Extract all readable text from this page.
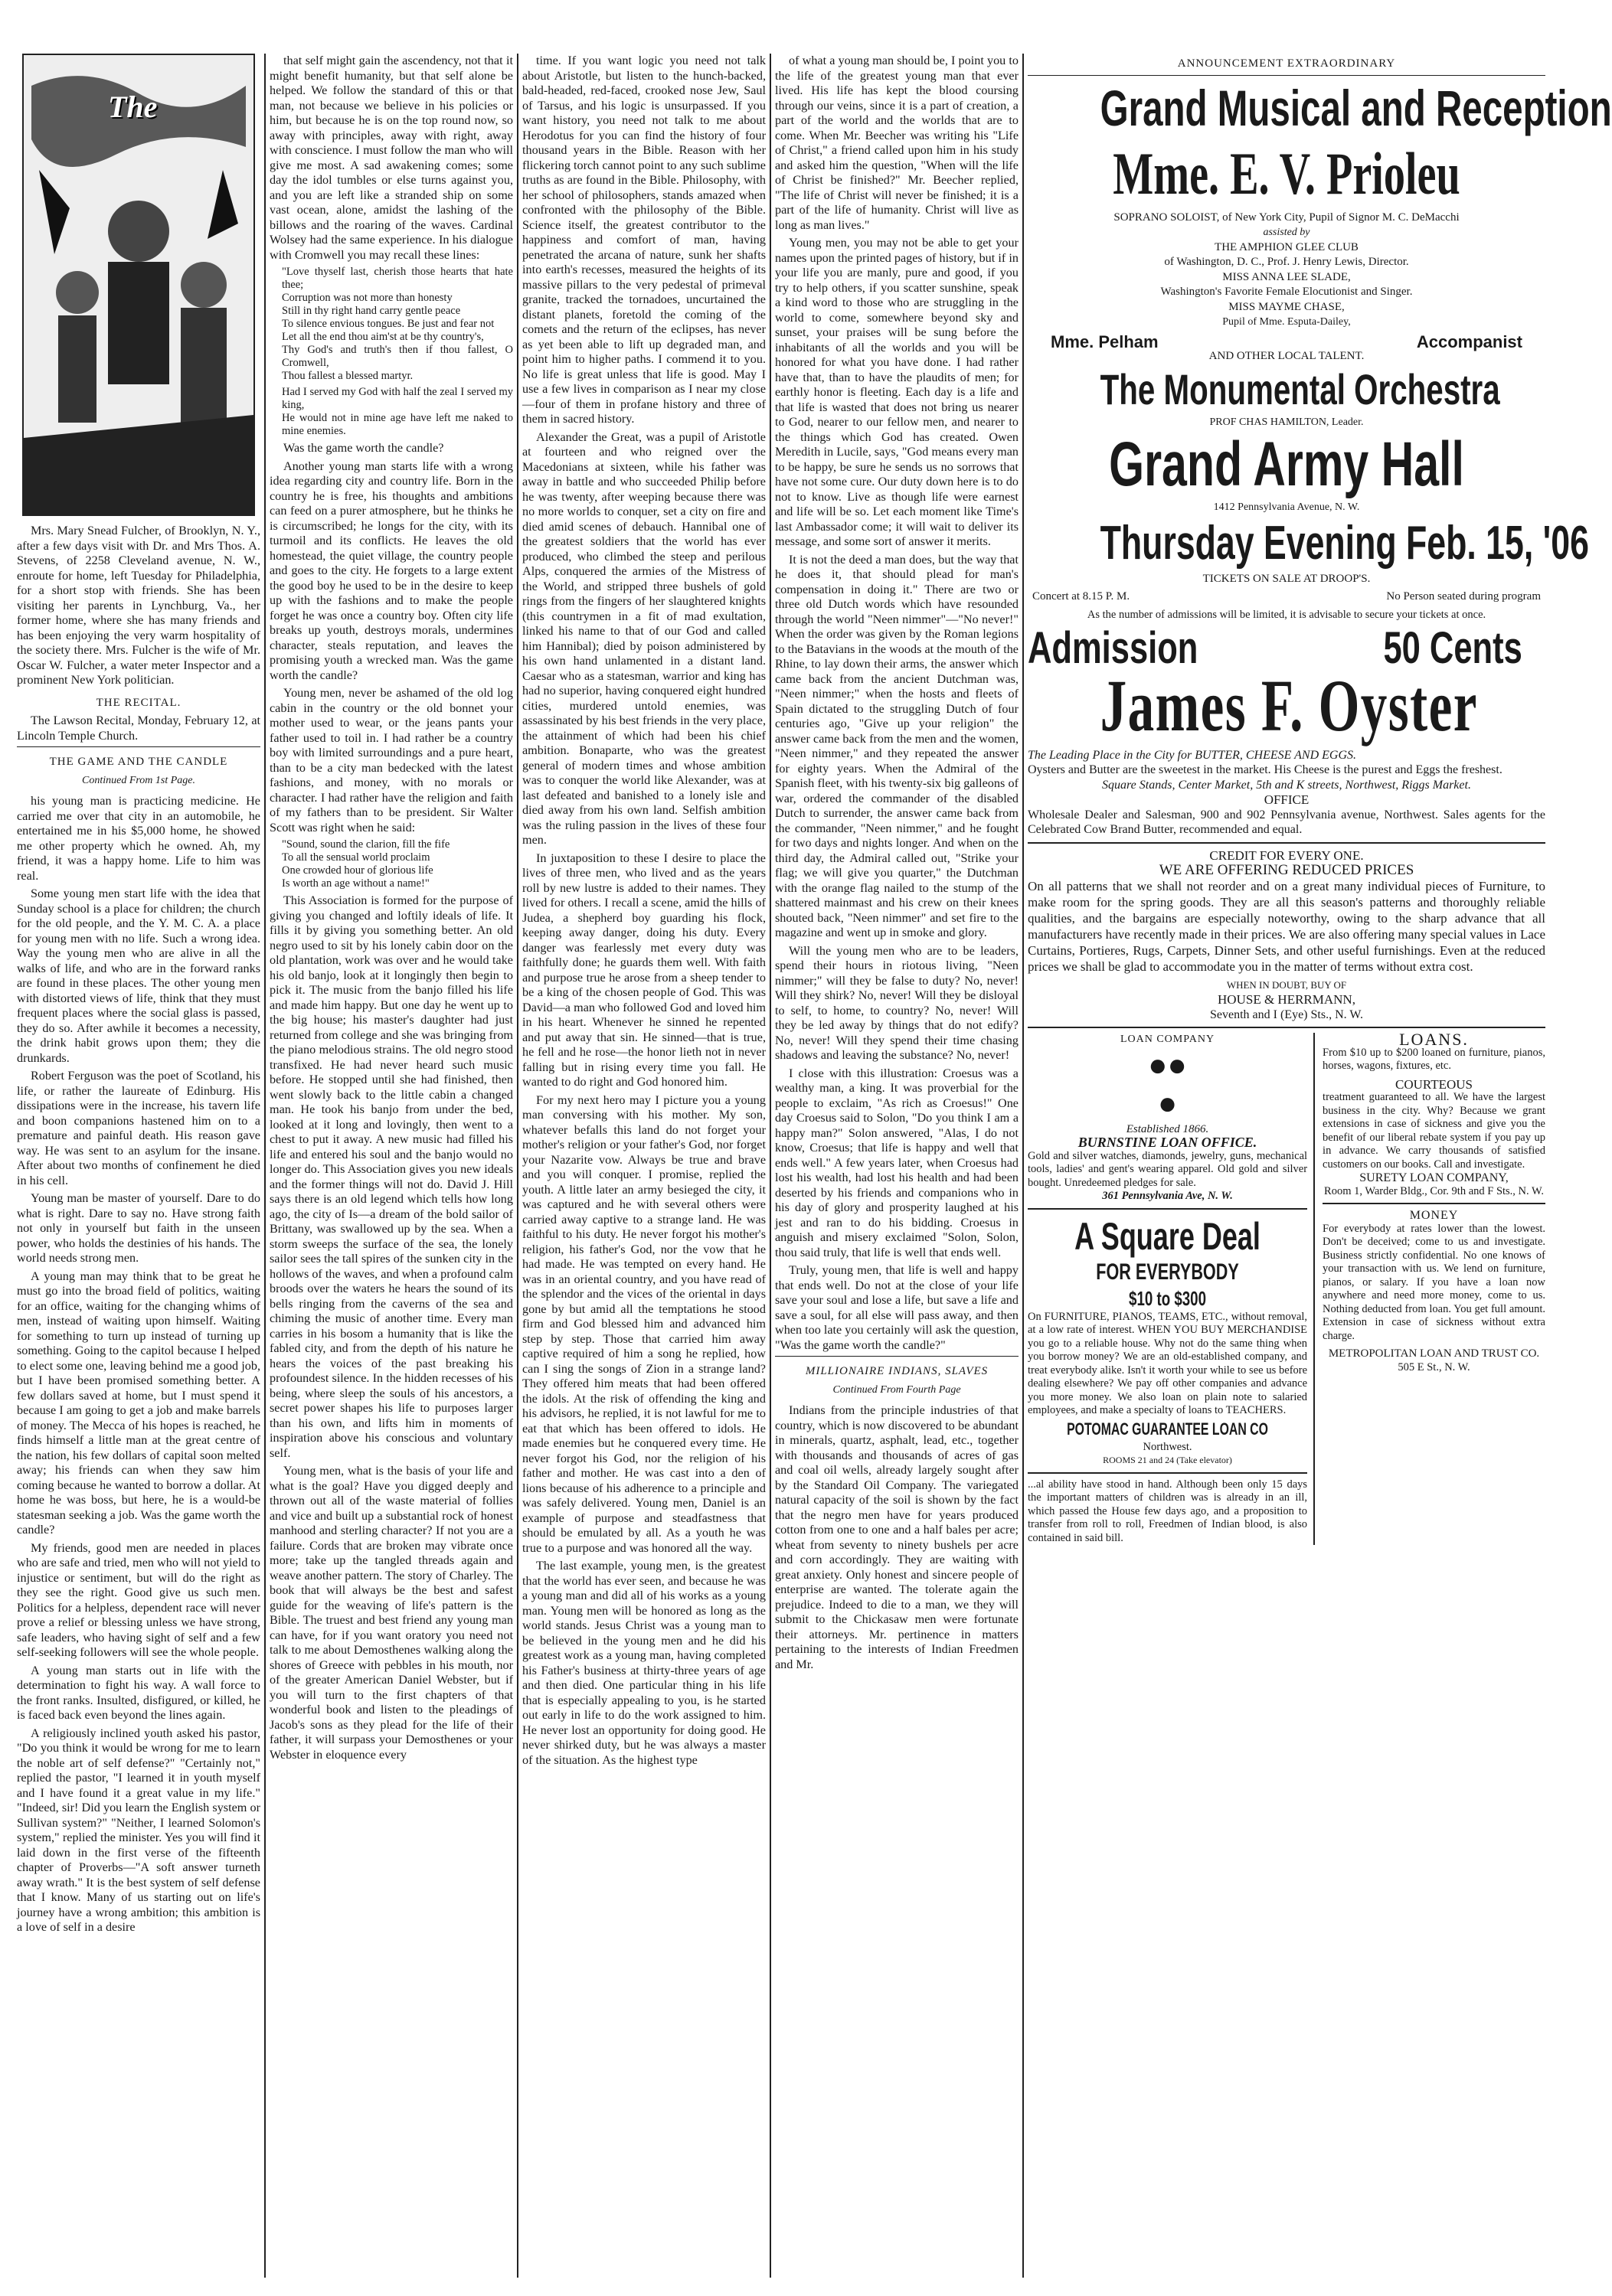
The

Mrs. Mary Snead Fulcher, of Brooklyn, N. Y., after a few days visit with Dr. and Mrs Thos. A. Stevens, of 2258 Cleveland avenue, N. W., enroute for home, left Tuesday for Philadelphia, for a short stop with friends. She has been visiting her parents in Lynchburg, Va., her former home, where she has many friends and has been enjoying the very warm hospitality of the society there. Mrs. Fulcher is the wife of Mr. Oscar W. Fulcher, a water meter Inspector and a prominent New York politician.

THE RECITAL.

The Lawson Recital, Monday, February 12, at Lincoln Temple Church.

THE GAME AND THE CANDLE

Continued From 1st Page.

his young man is practicing medicine. He carried me over that city in an automobile, he entertained me in his $5,000 home, he showed me other property which he owned. Ah, my friend, it was a happy home. Life to him was real.

Some young men start life with the idea that Sunday school is a place for children; the church for the old people, and the Y. M. C. A. a place for young men with no life. Such a wrong idea. Way the young men who are alive in all the walks of life, and who are in the forward ranks are found in these places. The other young men with distorted views of life, think that they must frequent places where the social glass is passed, they do so. After awhile it becomes a necessity, the drink habit grows upon them; they die drunkards.

Robert Ferguson was the poet of Scotland, his life, or rather the laureate of Edinburg. His dissipations were in the increase, his tavern life and boon companions hastened him on to a premature and painful death. His reason gave way. He was sent to an asylum for the insane. After about two months of confinement he died in his cell.

Young man be master of yourself. Dare to do what is right. Dare to say no. Have strong faith not only in yourself but faith in the unseen power, who holds the destinies of his hands. The world needs strong men.

A young man may think that to be great he must go into the broad field of politics, waiting for an office, waiting for the changing whims of men, instead of waiting upon himself. Waiting for something to turn up instead of turning up something. Going to the capitol because I helped to elect some one, leaving behind me a good job, but I have been promised something better. A few dollars saved at home, but I must spend it because I am going to get a job and make barrels of money. The Mecca of his hopes is reached, he finds himself a little man at the great centre of the nation, his few dollars of capital soon melted away; his friends can when they saw him coming because he wanted to borrow a dollar. At home he was boss, but here, he is a would-be statesman seeking a job. Was the game worth the candle?

My friends, good men are needed in places who are safe and tried, men who will not yield to injustice or sentiment, but will do the right as they see the right. Good give us such men. Politics for a helpless, dependent race will never prove a relief or blessing unless we have strong, safe leaders, who having sight of self and a few self-seeking followers will see the whole people.

A young man starts out in life with the determination to fight his way. A wall force to the front ranks. Insulted, disfigured, or killed, he is faced back even beyond the lines again.

A religiously inclined youth asked his pastor, "Do you think it would be wrong for me to learn the noble art of self defense?" "Certainly not," replied the pastor, "I learned it in youth myself and I have found it a great value in my life." "Indeed, sir! Did you learn the English system or Sullivan system?" "Neither, I learned Solomon's system," replied the minister. Yes you will find it laid down in the first verse of the fifteenth chapter of Proverbs—"A soft answer turneth away wrath." It is the best system of self defense that I know. Many of us starting out on life's journey have a wrong ambition; this ambition is a love of self in a desire

that self might gain the ascendency, not that it might benefit humanity, but that self alone be helped. We follow the standard of this or that man, not because we believe in his policies or him, but because he is on the top round now, so away with principles, away with right, away with conscience. I must follow the man who will give me most. A sad awakening comes; some day the idol tumbles or else turns against you, and you are left like a stranded ship on some vast ocean, alone, amidst the lashing of the billows and the roaring of the waves. Cardinal Wolsey had the same experience. In his dialogue with Cromwell you may recall these lines:

"Love thyself last, cherish those hearts that hate thee;
Corruption was not more than honesty
Still in thy right hand carry gentle peace
To silence envious tongues. Be just and fear not
Let all the end thou aim'st at be thy country's,
Thy God's and truth's then if thou fallest, O Cromwell,
Thou fallest a blessed martyr.

Had I served my God with half the zeal I served my king,
He would not in mine age have left me naked to mine enemies.

Was the game worth the candle?

Another young man starts life with a wrong idea regarding city and country life. Born in the country he is free, his thoughts and ambitions can feed on a purer atmosphere, but he thinks he is circumscribed; he longs for the city, with its turmoil and its conflicts. He leaves the old homestead, the quiet village, the country people and goes to the city. He forgets to a large extent the good boy he used to be in the desire to keep up with the fashions and to make the people forget he was once a country boy. Often city life breaks up youth, destroys morals, undermines character, steals reputation, and leaves the promising youth a wrecked man. Was the game worth the candle?

Young men, never be ashamed of the old log cabin in the country or the old bonnet your mother used to wear, or the jeans pants your father used to toil in. I had rather be a country boy with limited surroundings and a pure heart, than to be a city man bedecked with the latest fashions, and money, with no morals or character. I had rather have the religion and faith of my fathers than to be president. Sir Walter Scott was right when he said:

"Sound, sound the clarion, fill the fife
To all the sensual world proclaim
One crowded hour of glorious life
Is worth an age without a name!"

This Association is formed for the purpose of giving you changed and loftily ideals of life. It fills it by giving you something better. An old negro used to sit by his lonely cabin door on the old plantation, work was over and he would take his old banjo, look at it longingly then begin to pick it. The music from the banjo filled his life and made him happy. But one day he went up to the big house; his master's daughter had just returned from college and she was bringing from the piano melodious strains. The old negro stood transfixed. He had never heard such music before. He stopped until she had finished, then went slowly back to the little cabin a changed man. He took his banjo from under the bed, looked at it long and lovingly, then went to a chest to put it away. A new music had filled his life and entered his soul and the banjo would no longer do. This Association gives you new ideals and the former things will not do. David J. Hill says there is an old legend which tells how long ago, the city of Is—a dream of the bold sailor of Brittany, was swallowed up by the sea. When a storm sweeps the surface of the sea, the lonely sailor sees the tall spires of the sunken city in the hollows of the waves, and when a profound calm broods over the waters he hears the sound of its bells ringing from the caverns of the sea and chiming the music of another time. Every man carries in his bosom a humanity that is like the fabled city, and from the depth of his nature he hears the voices of the past breaking his profoundest silence. In the hidden recesses of his being, where sleep the souls of his ancestors, a secret power shapes his life to purposes larger than his own, and lifts him in moments of inspiration above his conscious and voluntary self.

Young men, what is the basis of your life and what is the goal? Have you digged deeply and thrown out all of the waste material of follies and vice and built up a substantial rock of honest manhood and sterling character? If not you are a failure. Cords that are broken may vibrate once more; take up the tangled threads again and weave another pattern. The story of Charley. The book that will always be the best and safest guide for the weaving of life's pattern is the Bible. The truest and best friend any young man can have, for if you want oratory you need not talk to me about Demosthenes walking along the shores of Greece with pebbles in his mouth, nor of the greater American Daniel Webster, but if you will turn to the first chapters of that wonderful book and listen to the pleadings of Jacob's sons as they plead for the life of their father, it will surpass your Demosthenes or your Webster in eloquence every

time. If you want logic you need not talk about Aristotle, but listen to the hunch-backed, bald-headed, red-faced, crooked nose Jew, Saul of Tarsus, and his logic is unsurpassed. If you want history, you need not talk to me about Herodotus for you can find the history of four thousand years in the Bible. Reason with her flickering torch cannot point to any such sublime truths as are found in the Bible. Philosophy, with her school of philosophers, stands amazed when confronted with the philosophy of the Bible. Science itself, the greatest contributor to the happiness and comfort of man, having penetrated the arcana of nature, sunk her shafts into earth's recesses, measured the heights of its massive pillars to the very pedestal of primeval granite, tracked the tornadoes, uncurtained the distant planets, foretold the coming of the comets and the return of the eclipses, has never as yet been able to lift up degraded man, and point him to higher paths. I commend it to you. No life is great unless that life is good. May I use a few lives in comparison as I near my close—four of them in profane history and three of them in sacred history.

Alexander the Great, was a pupil of Aristotle at fourteen and who reigned over the Macedonians at sixteen, while his father was away in battle and who succeeded Philip before he was twenty, after weeping because there was no more worlds to conquer, set a city on fire and died amid scenes of debauch. Hannibal one of the greatest soldiers that the world has ever produced, who climbed the steep and perilous Alps, conquered the armies of the Mistress of the World, and stripped three bushels of gold rings from the fingers of her slaughtered knights (this countrymen in a fit of mad exultation, linked his name to that of our God and called him Hannibal); died by poison administered by his own hand unlamented in a distant land. Caesar who as a statesman, warrior and king has had no superior, having conquered eight hundred cities, murdered untold enemies, was assassinated by his best friends in the very place, the attainment of which had been his chief ambition. Bonaparte, who was the greatest general of modern times and whose ambition was to conquer the world like Alexander, was at last defeated and banished to a lonely isle and died away from his own land. Selfish ambition was the ruling passion in the lives of these four men.

In juxtaposition to these I desire to place the lives of three men, who lived and as the years roll by new lustre is added to their names. They lived for others. I recall a scene, amid the hills of Judea, a shepherd boy guarding his flock, keeping away danger, doing his duty. Every danger was fearlessly met every duty was faithfully done; he guards them well. With faith and purpose true he arose from a sheep tender to be a king of the chosen people of God. This was David—a man who followed God and loved him in his heart. Whenever he sinned he repented and put away that sin. He sinned—that is true, he fell and he rose—the honor lieth not in never falling but in rising every time you fall. He wanted to do right and God honored him.

For my next hero may I picture you a young man conversing with his mother. My son, whatever befalls this land do not forget your mother's religion or your father's God, nor forget your Nazarite vow. Always be true and brave and you will conquer. I promise, replied the youth. A little later an army besieged the city, it was captured and he with several others were carried away captive to a strange land. He was faithful to his duty. He never forgot his mother's religion, his father's God, nor the vow that he had made. He was tempted on every hand. He was in an oriental country, and you have read of the splendor and the vices of the oriental in days gone by but amid all the temptations he stood firm and God blessed him and advanced him step by step. Those that carried him away captive required of him a song he replied, how can I sing the songs of Zion in a strange land? They offered him meats that had been offered the idols. At the risk of offending the king and his advisors, he replied, it is not lawful for me to eat that which has been offered to idols. He made enemies but he conquered every time. He never forgot his God, nor the religion of his father and mother. He was cast into a den of lions because of his adherence to a principle and was safely delivered. Young men, Daniel is an example of purpose and steadfastness that should be emulated by all. As a youth he was true to a purpose and was honored all the way.

The last example, young men, is the greatest that the world has ever seen, and because he was a young man and did all of his works as a young man. Young men will be honored as long as the world stands. Jesus Christ was a young man to be believed in the young men and he did his greatest work as a young man, having completed his Father's business at thirty-three years of age and then died. One particular thing in his life that is especially appealing to you, is he started out early in life to do the work assigned to him. He never lost an opportunity for doing good. He never shirked duty, but he was always a master of the situation. As the highest type

of what a young man should be, I point you to the life of the greatest young man that ever lived. His life has kept the blood coursing through our veins, since it is a part of creation, a part of the world and the worlds that are to come. When Mr. Beecher was writing his "Life of Christ," a friend called upon him in his study and asked him the question, "When will the life of Christ be finished?" Mr. Beecher replied, "The life of Christ will never be finished; it is a part of the life of humanity. Christ will live as long as man lives."

Young men, you may not be able to get your names upon the printed pages of history, but if in your life you are manly, pure and good, if you try to help others, if you scatter sunshine, speak a kind word to those who are struggling in the world to come, somewhere beyond sky and sunset, your praises will be sung before the inhabitants of all the worlds and you will be honored for what you have done. I had rather have that, than to have the plaudits of men; for earthly honor is fleeting. Each day is a life and that life is wasted that does not bring us nearer to God, nearer to our fellow men, and nearer to the things which God has created. Owen Meredith in Lucile, says, "God means every man to be happy, be sure he sends us no sorrows that have not some cure. Our duty down here is to do not to know. Live as though life were earnest and life will be so. Let each moment like Time's last Ambassador come; it will wait to deliver its message, and some sort of answer it merits.

It is not the deed a man does, but the way that he does it, that should plead for man's compensation in doing it." There are two or three old Dutch words which have resounded through the world "Neen nimmer"—"No never!" When the order was given by the Roman legions to the Batavians in the woods at the mouth of the Rhine, to lay down their arms, the answer which came back from the ancient Dutchman was, "Neen nimmer;" when the hosts and fleets of Spain dictated to the struggling Dutch of four centuries ago, "Give up your religion" the answer came back from the men and the women, "Neen nimmer," and they repeated the answer for eighty years. When the Admiral of the Spanish fleet, with his twenty-six big galleons of war, ordered the commander of the disabled Dutch to surrender, the answer came back from the commander, "Neen nimmer," and he fought for two days and nights longer. And when on the third day, the Admiral called out, "Strike your flag; we will give you quarter," the Dutchman with the orange flag nailed to the stump of the shattered mainmast and his crew on their knees shouted back, "Neen nimmer" and set fire to the magazine and went up in smoke and glory.

Will the young men who are to be leaders, spend their hours in riotous living, "Neen nimmer;" will they be false to duty? No, never! Will they shirk? No, never! Will they be disloyal to self, to home, to country? No, never! Will they be led away by things that do not edify? No, never! Will they spend their time chasing shadows and leaving the substance? No, never!

I close with this illustration: Croesus was a wealthy man, a king. It was proverbial for the people to exclaim, "As rich as Croesus!" One day Croesus said to Solon, "Do you think I am a happy man?" Solon answered, "Alas, I do not know, Croesus; that life is happy and well that ends well." A few years later, when Croesus had lost his wealth, had lost his health and had been deserted by his friends and companions who in his day of glory and prosperity laughed at his jest and ran to do his bidding. Croesus in anguish and misery exclaimed "Solon, Solon, thou said truly, that life is well that ends well.

Truly, young men, that life is well and happy that ends well. Do not at the close of your life save your soul and lose a life, but save a life and save a soul, for all else will pass away, and then when too late you certainly will ask the question, "Was the game worth the candle?"

MILLIONAIRE INDIANS, SLAVES

Continued From Fourth Page

Indians from the principle industries of that country, which is now discovered to be abundant in minerals, quartz, asphalt, lead, etc., together with thousands and thousands of acres of gas and coal oil wells, already largely sought after by the Standard Oil Company. The variegated natural capacity of the soil is shown by the fact that the negro men have for years produced cotton from one to one and a half bales per acre; wheat from seventy to ninety bushels per acre and corn accordingly. They are waiting with great anxiety. Only honest and sincere people of enterprise are wanted. The tolerate again the prejudice. Indeed to die to a man, we they will submit to the Chickasaw men were fortunate their attorneys. Mr. pertinence in matters pertaining to the interests of Indian Freedmen and Mr.

ANNOUNCEMENT EXTRAORDINARY
Grand Musical and Reception
Mme. E. V. Prioleu
SOPRANO SOLOIST, of New York City, Pupil of Signor M. C. DeMacchi
assisted by
THE AMPHION GLEE CLUB
of Washington, D. C., Prof. J. Henry Lewis, Director.
MISS ANNA LEE SLADE,
Washington's Favorite Female Elocutionist and Singer.
MISS MAYME CHASE,
Pupil of Mme. Esputa-Dailey,
Mme. Pelham	Accompanist
AND OTHER LOCAL TALENT.
The Monumental Orchestra
PROF CHAS HAMILTON, Leader.
Grand Army Hall
1412 Pennsylvania Avenue, N. W.
Thursday Evening Feb. 15, '06
TICKETS ON SALE AT DROOP'S.
Concert at 8.15 P. M.	No Person seated during program
As the number of admissions will be limited, it is advisable to secure your tickets at once.
Admission	50 Cents
James F. Oyster
The Leading Place in the City for BUTTER, CHEESE AND EGGS.
Oysters and Butter are the sweetest in the market. His Cheese is the purest and Eggs the freshest.
Square Stands, Center Market, 5th and K streets, Northwest, Riggs Market.
OFFICE
Wholesale Dealer and Salesman, 900 and 902 Pennsylvania avenue, Northwest. Sales agents for the Celebrated Cow Brand Butter, recommended and equal.
CREDIT FOR EVERY ONE.
WE ARE OFFERING REDUCED PRICES
On all patterns that we shall not reorder and on a great many individual pieces of Furniture, to make room for the spring goods. They are all this season's patterns and thoroughly reliable qualities, and the bargains are especially noteworthy, owing to the sharp advance that all manufacturers have recently made in their prices. We are also offering many special values in Lace Curtains, Portieres, Rugs, Carpets, Dinner Sets, and other useful furnishings. Even at the reduced prices we shall be glad to accommodate you in the matter of terms without extra cost.
WHEN IN DOUBT, BUY OF
HOUSE & HERRMANN,
Seventh and I (Eye) Sts., N. W.
LOAN COMPANY
●●
●
Established 1866.
BURNSTINE LOAN OFFICE.
Gold and silver watches, diamonds, jewelry, guns, mechanical tools, ladies' and gent's wearing apparel. Old gold and silver bought. Unredeemed pledges for sale.
361 Pennsylvania Ave, N. W.
A Square Deal
FOR EVERYBODY
$10 to $300
On FURNITURE, PIANOS, TEAMS, ETC., without removal, at a low rate of interest. WHEN YOU BUY MERCHANDISE you go to a reliable house. Why not do the same thing when you borrow money? We are an old-established company, and treat everybody alike. Isn't it worth your while to see us before dealing elsewhere? We pay off other companies and advance you more money. We also loan on plain note to salaried employees, and make a specialty of loans to TEACHERS.
POTOMAC GUARANTEE LOAN CO
Northwest.
ROOMS 21 and 24 (Take elevator)
...al ability have stood in hand. Although been only 15 days the important matters of children was is already in an ill, which passed the House few days ago, and a proposition to transfer from roll to roll, Freedmen of Indian blood, is also contained in said bill.
LOANS.
From $10 up to $200 loaned on furniture, pianos, horses, wagons, fixtures, etc.
COURTEOUS
treatment guaranteed to all. We have the largest business in the city. Why? Because we grant extensions in case of sickness and give you the benefit of our liberal rebate system if you pay up in advance. We carry thousands of satisfied customers on our books. Call and investigate.
SURETY LOAN COMPANY,
Room 1, Warder Bldg., Cor. 9th and F Sts., N. W.
MONEY
For everybody at rates lower than the lowest. Don't be deceived; come to us and investigate. Business strictly confidential. No one knows of your transaction with us. We lend on furniture, pianos, or salary. If you have a loan now anywhere and need more money, come to us. Nothing deducted from loan. You get full amount. Extension in case of sickness without extra charge.
METROPOLITAN LOAN AND TRUST CO.
505 E St., N. W.
